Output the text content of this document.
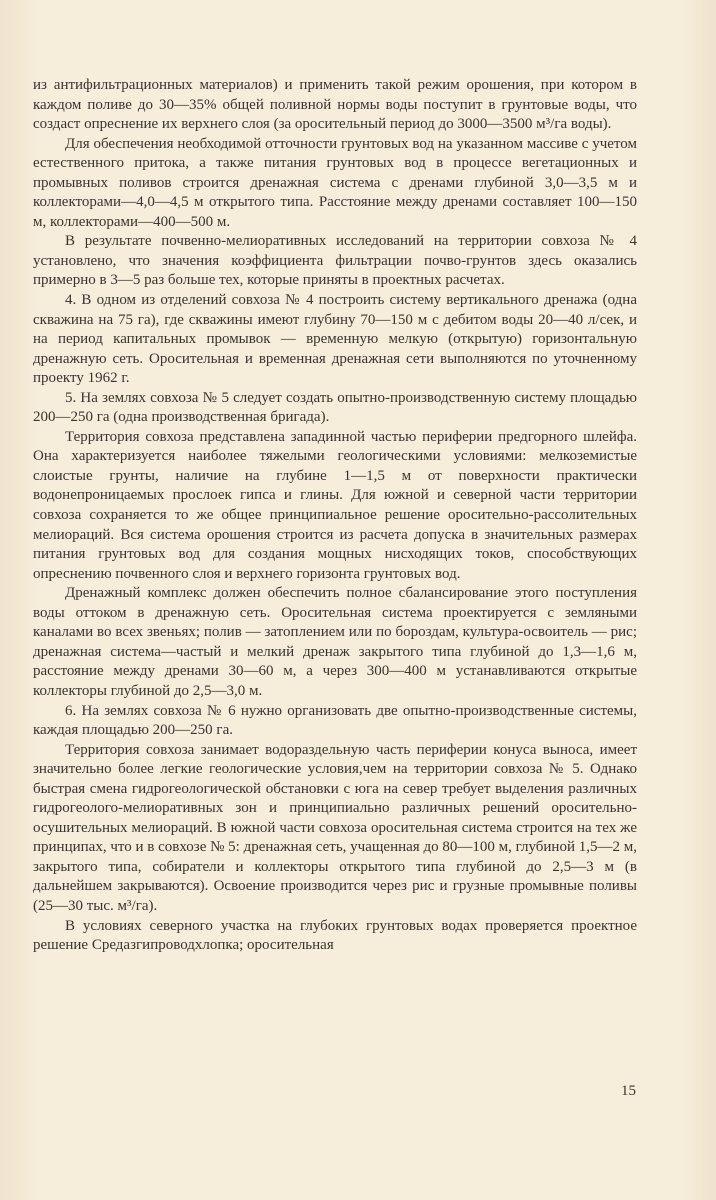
из антифильтрационных материалов) и применить такой режим орошения, при котором в каждом поливе до 30—35% общей поливной нормы воды поступит в грунтовые воды, что создаст опреснение их верхнего слоя (за оросительный период до 3000—3500 м³/га воды).

Для обеспечения необходимой отточности грунтовых вод на указанном массиве с учетом естественного притока, а также питания грунтовых вод в процессе вегетационных и промывных поливов строится дренажная система с дренами глубиной 3,0—3,5 м и коллекторами—4,0—4,5 м открытого типа. Расстояние между дренами составляет 100—150 м, коллекторами—400—500 м.

В результате почвенно-мелиоративных исследований на территории совхоза № 4 установлено, что значения коэффициента фильтрации почво-грунтов здесь оказались примерно в 3—5 раз больше тех, которые приняты в проектных расчетах.

4. В одном из отделений совхоза № 4 построить систему вертикального дренажа (одна скважина на 75 га), где скважины имеют глубину 70—150 м с дебитом воды 20—40 л/сек, и на период капитальных промывок — временную мелкую (открытую) горизонтальную дренажную сеть. Оросительная и временная дренажная сети выполняются по уточненному проекту 1962 г.

5. На землях совхоза № 5 следует создать опытно-производственную систему площадью 200—250 га (одна производственная бригада).

Территория совхоза представлена западинной частью периферии предгорного шлейфа. Она характеризуется наиболее тяжелыми геологическими условиями: мелкоземистые слоистые грунты, наличие на глубине 1—1,5 м от поверхности практически водонепроницаемых прослоек гипса и глины. Для южной и северной части территории совхоза сохраняется то же общее принципиальное решение оросительно-рассолительных мелиораций. Вся система орошения строится из расчета допуска в значительных размерах питания грунтовых вод для создания мощных нисходящих токов, способствующих опреснению почвенного слоя и верхнего горизонта грунтовых вод.

Дренажный комплекс должен обеспечить полное сбалансирование этого поступления воды оттоком в дренажную сеть. Оросительная система проектируется с земляными каналами во всех звеньях; полив — затоплением или по бороздам, культура-освоитель — рис; дренажная система—частый и мелкий дренаж закрытого типа глубиной до 1,3—1,6 м, расстояние между дренами 30—60 м, а через 300—400 м устанавливаются открытые коллекторы глубиной до 2,5—3,0 м.

6. На землях совхоза № 6 нужно организовать две опытно-производственные системы, каждая площадью 200—250 га.

Территория совхоза занимает водораздельную часть периферии конуса выноса, имеет значительно более легкие геологические условия,чем на территории совхоза № 5. Однако быстрая смена гидрогеологической обстановки с юга на север требует выделения различных гидрогеолого-мелиоративных зон и принципиально различных решений оросительно-осушительных мелиораций. В южной части совхоза оросительная система строится на тех же принципах, что и в совхозе № 5: дренажная сеть, учащенная до 80—100 м, глубиной 1,5—2 м, закрытого типа, собиратели и коллекторы открытого типа глубиной до 2,5—3 м (в дальнейшем закрываются). Освоение производится через рис и грузные промывные поливы (25—30 тыс. м³/га).

В условиях северного участка на глубоких грунтовых водах проверяется проектное решение Средазгипроводхлопка; оросительная

15
